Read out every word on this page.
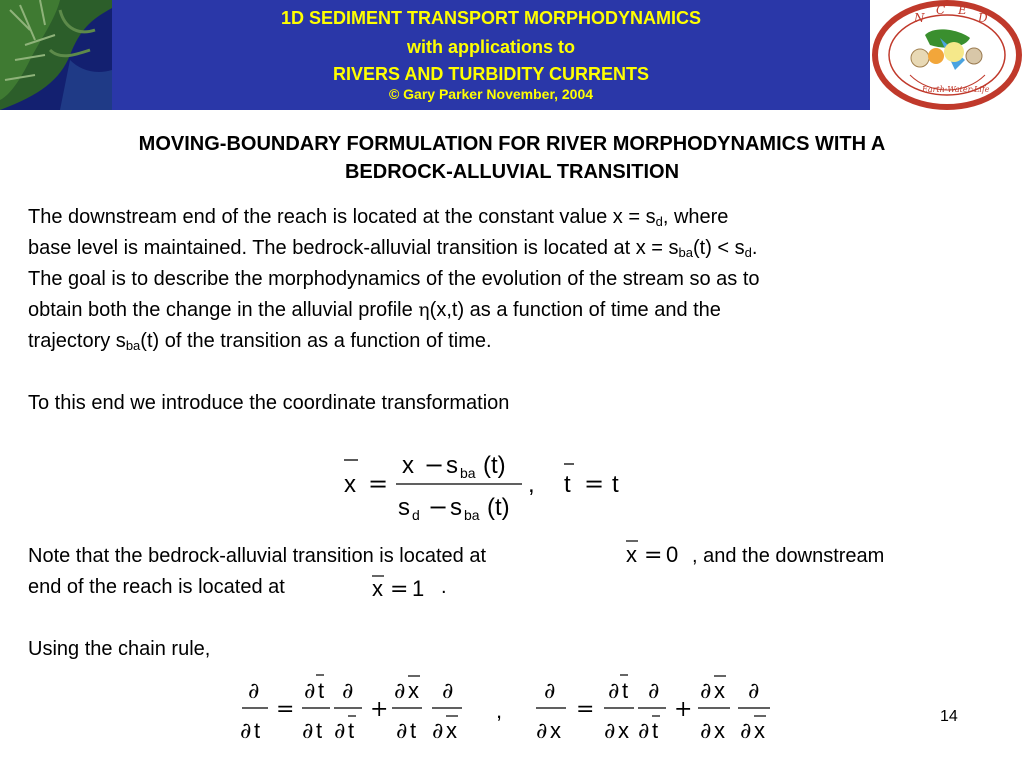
1D SEDIMENT TRANSPORT MORPHODYNAMICS
with applications to
RIVERS AND TURBIDITY CURRENTS
© Gary Parker November, 2004
N
C E
D
Earth·Water·Life
MOVING-BOUNDARY FORMULATION FOR RIVER MORPHODYNAMICS WITH A
BEDROCK-ALLUVIAL TRANSITION
The downstream end of the reach is located at the constant value $x = s_d$, where
base level is maintained. The bedrock-alluvial transition is located at $x = s_{ba}(t) < s_d$.
The goal is to describe the morphodynamics of the evolution of the stream so as to
obtain both the change in the alluvial profile η(x,t) as a function of time and the
trajectory $s_{ba}(t)$ of the transition as a function of time.
To this end we introduce the coordinate transformation
x =
x − s ba (t)
s d − s ba (t)
, t = t
Note that the bedrock-alluvial transition is located at	x = 0 , and the downstream
end of the reach is located at	x = 1 .
Using the chain rule,
∂
∂ t
=
∂ t
∂ t
∂
∂ t
+
∂ x
∂ t
∂
∂ x
,
∂
∂ x
=
∂ t
∂ x
∂
∂ t
+
∂ x
∂ x
∂
∂ x
14
